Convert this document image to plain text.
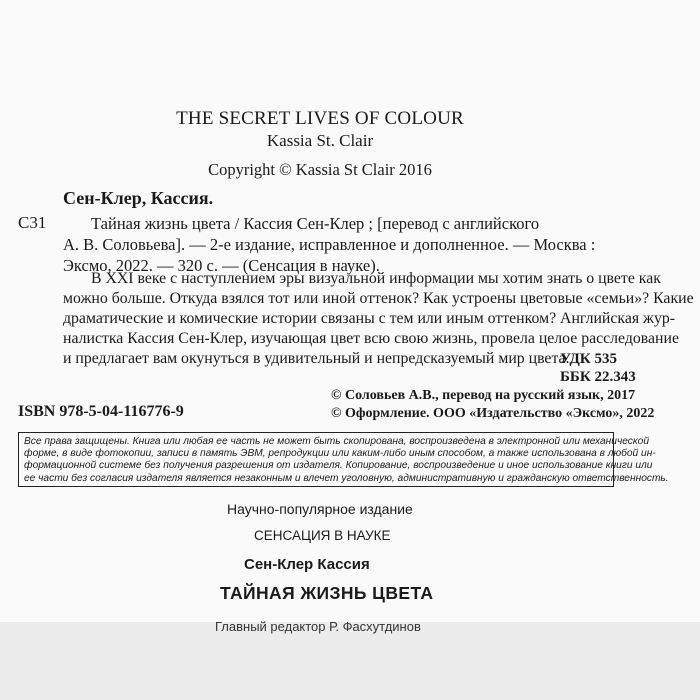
THE SECRET LIVES OF COLOUR
Kassia St. Clair
Copyright © Kassia St Clair 2016
Сен-Клер, Кассия.
С31	Тайная жизнь цвета / Кассия Сен-Клер ; [перевод с английского
А. В. Соловьева]. — 2-е издание, исправленное и дополненное. — Москва :
Эксмо, 2022. — 320 с. — (Сенсация в науке).
В XXI веке с наступлением эры визуальной информации мы хотим знать о цвете как
можно больше. Откуда взялся тот или иной оттенок? Как устроены цветовые «семьи»? Какие
драматические и комические истории связаны с тем или иным оттенком? Английская жур-
налистка Кассия Сен-Клер, изучающая цвет всю свою жизнь, провела целое расследование
и предлагает вам окунуться в удивительный и непредсказуемый мир цвета.
УДК 535
ББК 22.343
ISBN 978-5-04-116776-9
© Соловьев А.В., перевод на русский язык, 2017
© Оформление. ООО «Издательство «Эксмо», 2022
Все права защищены. Книга или любая ее часть не может быть скопирована, воспроизведена в электронной или механической
форме, в виде фотокопии, записи в память ЭВМ, репродукции или каким-либо иным способом, а также использована в любой ин-
формационной системе без получения разрешения от издателя. Копирование, воспроизведение и иное использование книги или
ее части без согласия издателя является незаконным и влечет уголовную, административную и гражданскую ответственность.
Научно-популярное издание
СЕНСАЦИЯ В НАУКЕ
Сен-Клер Кассия
ТАЙНАЯ ЖИЗНЬ ЦВЕТА
